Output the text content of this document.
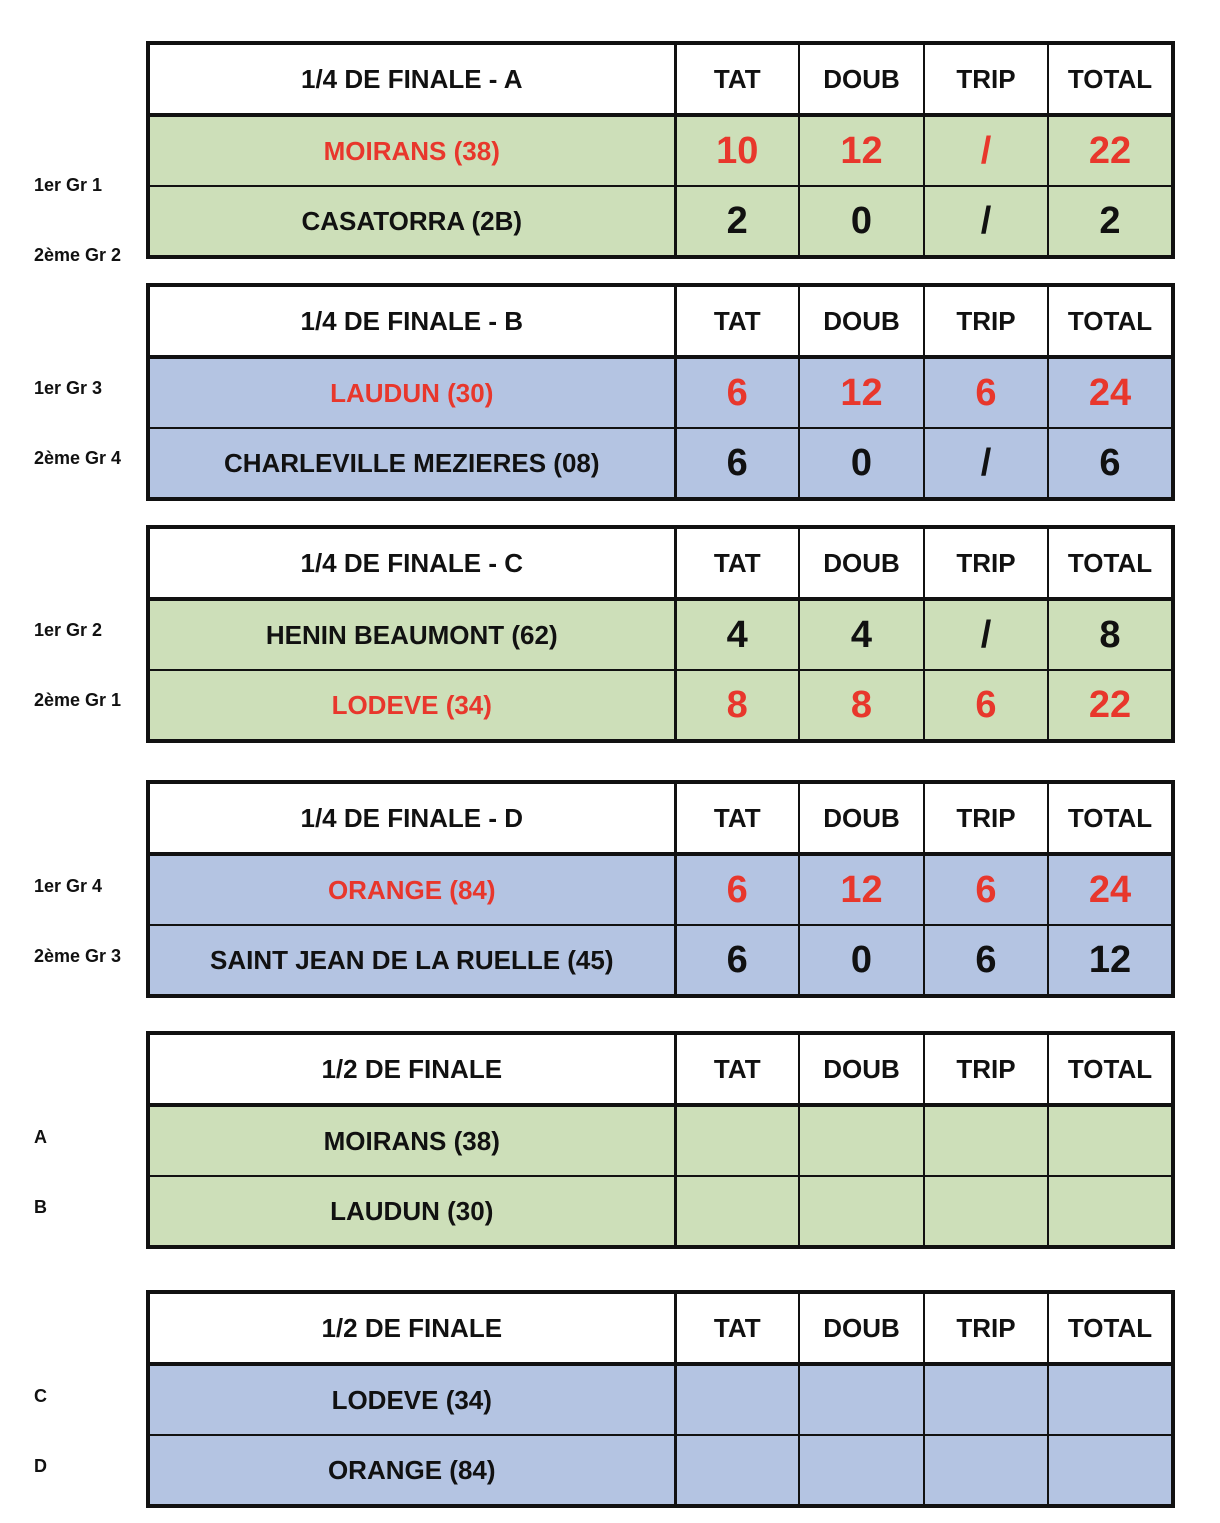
1er Gr 1
2ème Gr 2
1/4 DE FINALE - A	TAT	DOUB	TRIP	TOTAL
MOIRANS (38)	10	12	/	22
CASATORRA (2B)	2	0	/	2
1er Gr 3
2ème Gr 4
1/4 DE FINALE - B	TAT	DOUB	TRIP	TOTAL
LAUDUN (30)	6	12	6	24
CHARLEVILLE MEZIERES (08)	6	0	/	6
1er Gr 2
2ème Gr 1
1/4 DE FINALE - C	TAT	DOUB	TRIP	TOTAL
HENIN BEAUMONT (62)	4	4	/	8
LODEVE (34)	8	8	6	22
1er Gr 4
2ème Gr 3
1/4 DE FINALE - D	TAT	DOUB	TRIP	TOTAL
ORANGE (84)	6	12	6	24
SAINT JEAN DE LA RUELLE (45)	6	0	6	12
A
B
1/2 DE FINALE	TAT	DOUB	TRIP	TOTAL
MOIRANS (38)				
LAUDUN (30)				
C
D
1/2 DE FINALE	TAT	DOUB	TRIP	TOTAL
LODEVE (34)				
ORANGE (84)				
